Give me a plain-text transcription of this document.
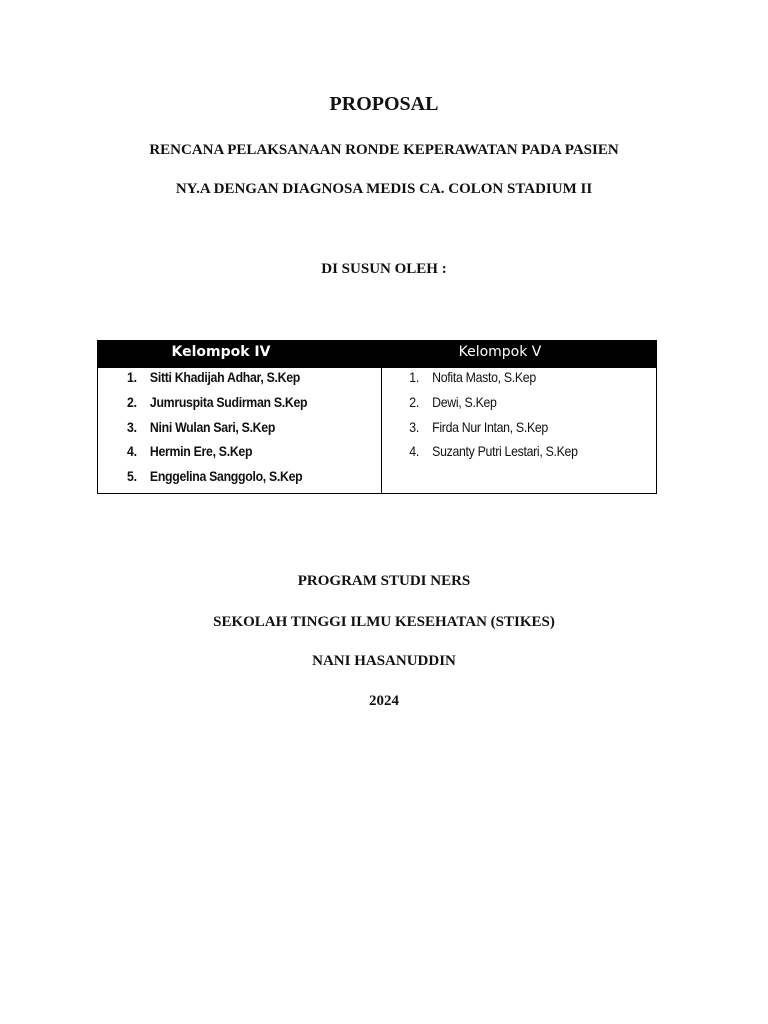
PROPOSAL
RENCANA PELAKSANAAN RONDE KEPERAWATAN PADA PASIEN
NY.A DENGAN DIAGNOSA MEDIS CA. COLON STADIUM II
DI SUSUN OLEH :
Kelompok IV	Kelompok V
1. Sitti Khadijah Adhar, S.Kep
2. Jumruspita Sudirman S.Kep
3. Nini Wulan Sari, S.Kep
4. Hermin Ere, S.Kep
5. Enggelina Sanggolo, S.Kep
1. Nofita Masto, S.Kep
2. Dewi, S.Kep
3. Firda Nur Intan, S.Kep
4. Suzanty Putri Lestari, S.Kep
PROGRAM STUDI NERS
SEKOLAH TINGGI ILMU KESEHATAN (STIKES)
NANI HASANUDDIN
2024
